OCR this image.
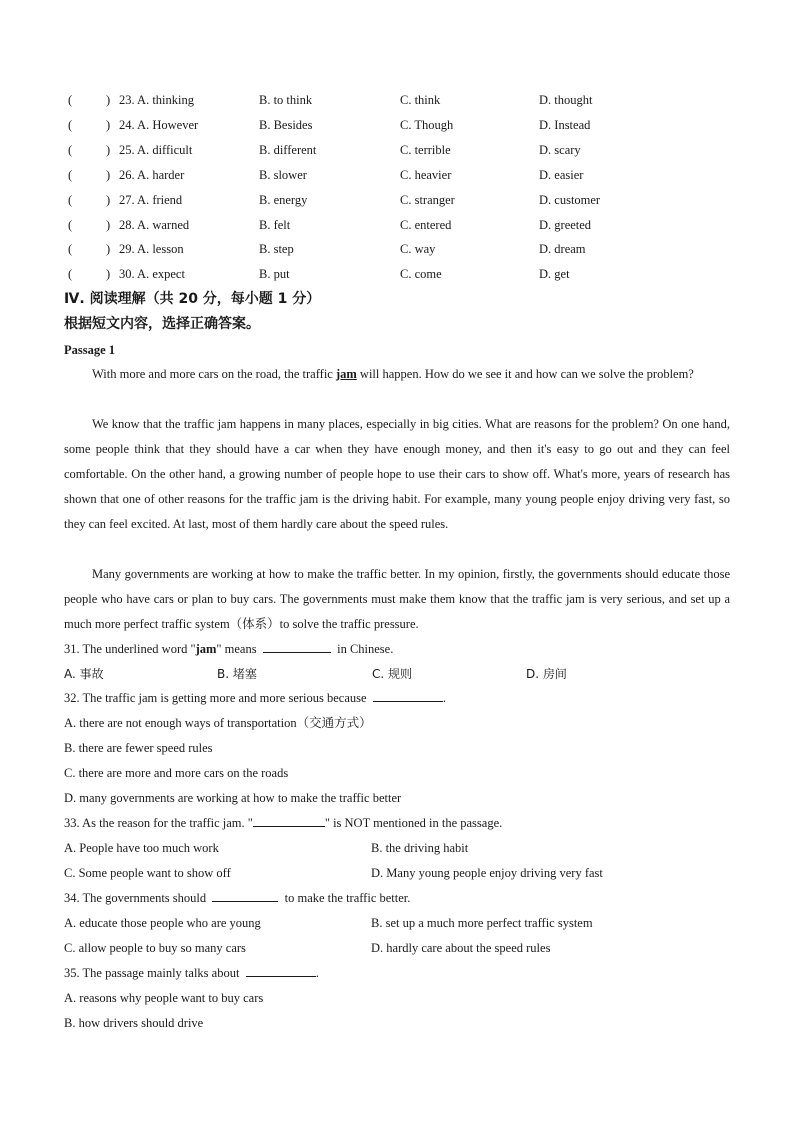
(	) 23. A. thinking	B. to think	C. think	D. thought
(	) 24. A. However	B. Besides	C. Though	D. Instead
(	) 25. A. difficult	B. different	C. terrible	D. scary
(	) 26. A. harder	B. slower	C. heavier	D. easier
(	) 27. A. friend	B. energy	C. stranger	D. customer
(	) 28. A. warned	B. felt	C. entered	D. greeted
(	) 29. A. lesson	B. step	C. way	D. dream
(	) 30. A. expect	B. put	C. come	D. get
Ⅳ. 阅读理解（共 20 分，每小题 1 分）
根据短文内容，选择正确答案。
Passage 1
With more and more cars on the road, the traffic jam will happen. How do we see it and how can we solve the problem?
We know that the traffic jam happens in many places, especially in big cities. What are reasons for the problem? On one hand, some people think that they should have a car when they have enough money, and then it's easy to go out and they can feel comfortable. On the other hand, a growing number of people hope to use their cars to show off. What's more, years of research has shown that one of other reasons for the traffic jam is the driving habit. For example, many young people enjoy driving very fast, so they can feel excited. At last, most of them hardly care about the speed rules.
Many governments are working at how to make the traffic better. In my opinion, firstly, the governments should educate those people who have cars or plan to buy cars. The governments must make them know that the traffic jam is very serious, and set up a much more perfect traffic system（体系）to solve the traffic pressure.
31. The underlined word "jam" means	in Chinese.
A. 事故	B. 堵塞	C. 规则	D. 房间
32. The traffic jam is getting more and more serious because	.
A. there are not enough ways of transportation（交通方式）
B. there are fewer speed rules
C. there are more and more cars on the roads
D. many governments are working at how to make the traffic better
33. As the reason for the traffic jam. "	" is NOT mentioned in the passage.
A. People have too much work	B. the driving habit
C. Some people want to show off	D. Many young people enjoy driving very fast
34. The governments should	to make the traffic better.
A. educate those people who are young	B. set up a much more perfect traffic system
C. allow people to buy so many cars	D. hardly care about the speed rules
35. The passage mainly talks about	.
A. reasons why people want to buy cars
B. how drivers should drive
